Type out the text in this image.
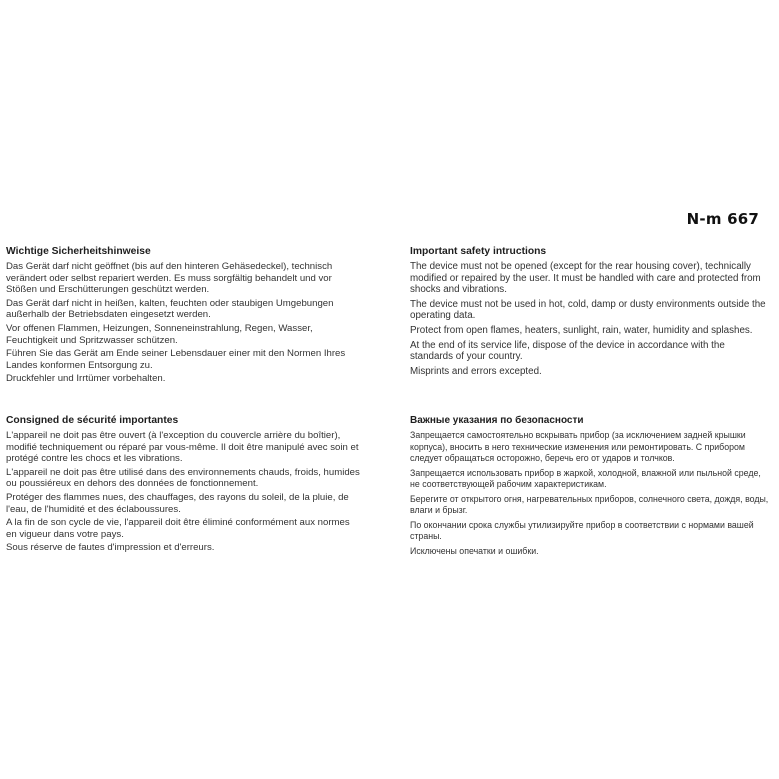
N-m 667
Wichtige Sicherheitshinweise

Das Gerät darf nicht geöffnet (bis auf den hinteren Gehäsedeckel), technisch verändert oder selbst repariert werden. Es muss sorgfältig behandelt und vor Stößen und Erschütterungen geschützt werden.

Das Gerät darf nicht in heißen, kalten, feuchten oder staubigen Umgebungen außerhalb der Betriebsdaten eingesetzt werden.

Vor offenen Flammen, Heizungen, Sonneneinstrahlung, Regen, Wasser, Feuchtigkeit und Spritzwasser schützen.

Führen Sie das Gerät am Ende seiner Lebensdauer einer mit den Normen Ihres Landes konformen Entsorgung zu.

Druckfehler und Irrtümer vorbehalten.

Consigned de sécurité importantes

L'appareil ne doit pas être ouvert (à l'exception du couvercle arrière du boîtier), modifié techniquement ou réparé par vous-même. Il doit être manipulé avec soin et protégé contre les chocs et les vibrations.

L'appareil ne doit pas être utilisé dans des environnements chauds, froids, humides ou poussiéreux en dehors des données de fonctionnement.

Protéger des flammes nues, des chauffages, des rayons du soleil, de la pluie, de l'eau, de l'humidité et des éclaboussures.

A la fin de son cycle de vie, l'appareil doit être éliminé conformément aux normes en vigueur dans votre pays.

Sous réserve de fautes d'impression et d'erreurs.

Important safety intructions

The device must not be opened (except for the rear housing cover), technically modified or repaired by the user. It must be handled with care and protected from shocks and vibrations.

The device must not be used in hot, cold, damp or dusty environments outside the operating data.

Protect from open flames, heaters, sunlight, rain, water, humidity and splashes.

At the end of its service life, dispose of the device in accordance with the standards of your country.

Misprints and errors excepted.

Важные указания по безопасности

Запрещается самостоятельно вскрывать прибор (за исключением задней крышки корпуса), вносить в него технические изменения или ремонтировать. С прибором следует обращаться осторожно, беречь его от ударов и толчков.

Запрещается использовать прибор в жаркой, холодной, влажной или пыльной среде, не соответствующей рабочим характеристикам.

Берегите от открытого огня, нагревательных приборов, солнечного света, дождя, воды, влаги и брызг.

По окончании срока службы утилизируйте прибор в соответствии с нормами вашей страны.

Исключены опечатки и ошибки.
